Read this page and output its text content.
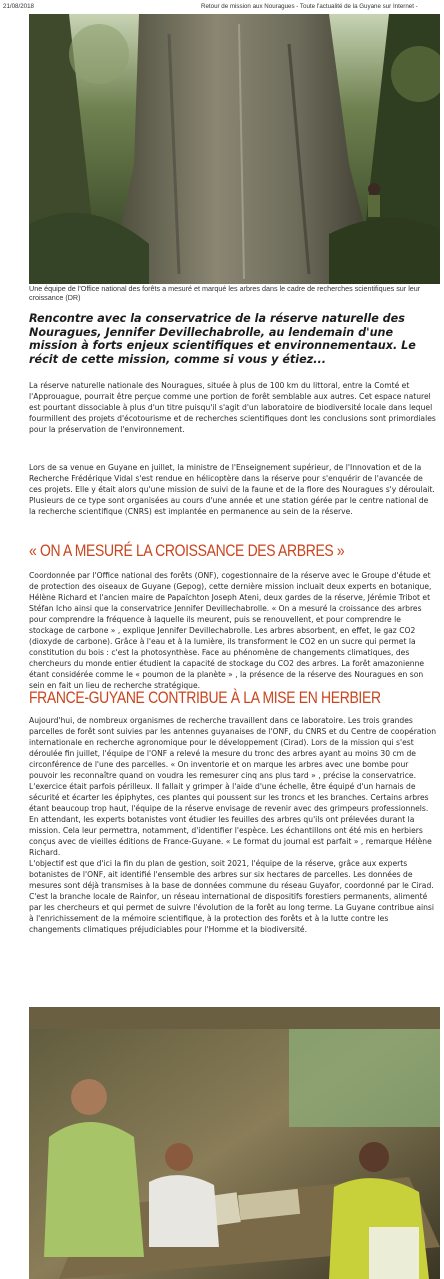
21/08/2018	Retour de mission aux Nouragues - Toute l'actualité de la Guyane sur Internet -
Une équipe de l'Office national des forêts a mesuré et marqué les arbres dans le cadre de recherches scientifiques sur leur croissance (DR)

Rencontre avec la conservatrice de la réserve naturelle des Nouragues, Jennifer Devillechabrolle, au lendemain d'une mission à forts enjeux scientifiques et environnementaux. Le récit de cette mission, comme si vous y étiez...

La réserve naturelle nationale des Nouragues, située à plus de 100 km du littoral, entre la Comté et l'Approuague, pourrait être perçue comme une portion de forêt semblable aux autres. Cet espace naturel est pourtant dissociable à plus d'un titre puisqu'il s'agit d'un laboratoire de biodiversité locale dans lequel fourmillent des projets d'écotourisme et de recherches scientifiques dont les conclusions sont primordiales pour la préservation de l'environnement.

Lors de sa venue en Guyane en juillet, la ministre de l'Enseignement supérieur, de l'Innovation et de la Recherche Frédérique Vidal s'est rendue en hélicoptère dans la réserve pour s'enquérir de l'avancée de ces projets. Elle y était alors qu'une mission de suivi de la faune et de la flore des Nouragues s'y déroulait. Plusieurs de ce type sont organisées au cours d'une année et une station gérée par le centre national de la recherche scientifique (CNRS) est implantée en permanence au sein de la réserve.

« ON A MESURÉ LA CROISSANCE DES ARBRES »

Coordonnée par l'Office national des forêts (ONF), cogestionnaire de la réserve avec le Groupe d'étude et de protection des oiseaux de Guyane (Gepog), cette dernière mission incluait deux experts en botanique, Hélène Richard et l'ancien maire de Papaïchton Joseph Ateni, deux gardes de la réserve, Jérémie Tribot et Stéfan Icho ainsi que la conservatrice Jennifer Devillechabrolle. « On a mesuré la croissance des arbres pour comprendre la fréquence à laquelle ils meurent, puis se renouvellent, et pour comprendre le stockage de carbone » , explique Jennifer Devillechabrolle. Les arbres absorbent, en effet, le gaz CO2 (dioxyde de carbone). Grâce à l'eau et à la lumière, ils transforment le CO2 en un sucre qui permet la constitution du bois : c'est la photosynthèse. Face au phénomène de changements climatiques, des chercheurs du monde entier étudient la capacité de stockage du CO2 des arbres. La forêt amazonienne étant considérée comme le « poumon de la planète » , la présence de la réserve des Nouragues en son sein en fait un lieu de recherche stratégique.

FRANCE-GUYANE CONTRIBUE À LA MISE EN HERBIER

Aujourd'hui, de nombreux organismes de recherche travaillent dans ce laboratoire. Les trois grandes parcelles de forêt sont suivies par les antennes guyanaises de l'ONF, du CNRS et du Centre de coopération internationale en recherche agronomique pour le développement (Cirad). Lors de la mission qui s'est déroulée fin juillet, l'équipe de l'ONF a relevé la mesure du tronc des arbres ayant au moins 30 cm de circonférence de l'une des parcelles. « On inventorie et on marque les arbres avec une bombe pour pouvoir les reconnaître quand on voudra les remesurer cinq ans plus tard » , précise la conservatrice.

L'exercice était parfois périlleux. Il fallait y grimper à l'aide d'une échelle, être équipé d'un harnais de sécurité et écarter les épiphytes, ces plantes qui poussent sur les troncs et les branches. Certains arbres étant beaucoup trop haut, l'équipe de la réserve envisage de revenir avec des grimpeurs professionnels. En attendant, les experts botanistes vont étudier les feuilles des arbres qu'ils ont prélevées durant la mission. Cela leur permettra, notamment, d'identifier l'espèce. Les échantillons ont été mis en herbiers conçus avec de vieilles éditions de France-Guyane. « Le format du journal est parfait » , remarque Hélène Richard.

L'objectif est que d'ici la fin du plan de gestion, soit 2021, l'équipe de la réserve, grâce aux experts botanistes de l'ONF, ait identifié l'ensemble des arbres sur six hectares de parcelles. Les données de mesures sont déjà transmises à la base de données commune du réseau Guyafor, coordonné par le Cirad. C'est la branche locale de Rainfor, un réseau international de dispositifs forestiers permanents, alimenté par les chercheurs et qui permet de suivre l'évolution de la forêt au long terme. La Guyane contribue ainsi à l'enrichissement de la mémoire scientifique, à la protection des forêts et à la lutte contre les changements climatiques préjudiciables pour l'Homme et la biodiversité.
